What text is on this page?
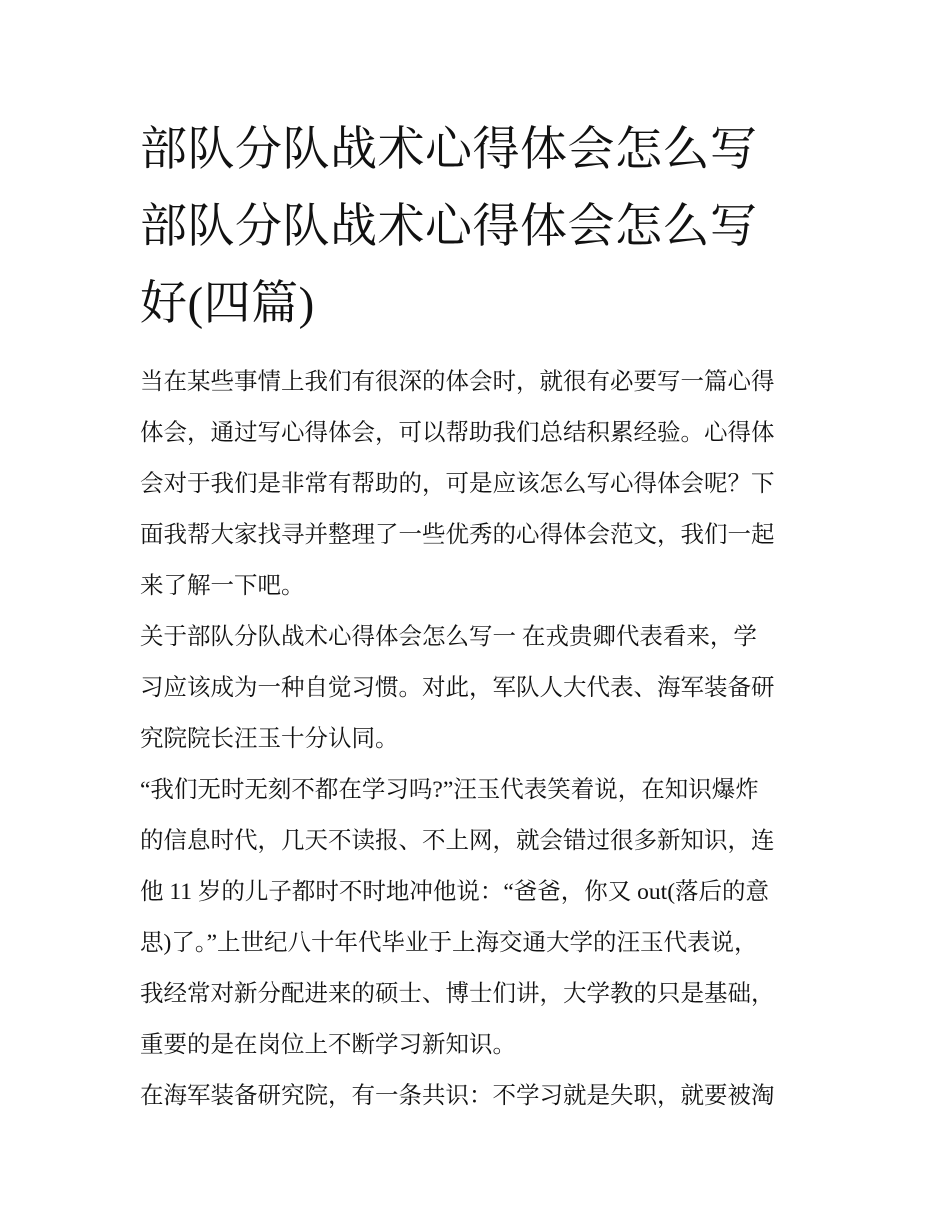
部队分队战术心得体会怎么写
部队分队战术心得体会怎么写
好(四篇)

当在某些事情上我们有很深的体会时，就很有必要写一篇心得
体会，通过写心得体会，可以帮助我们总结积累经验。心得体
会对于我们是非常有帮助的，可是应该怎么写心得体会呢？下
面我帮大家找寻并整理了一些优秀的心得体会范文，我们一起
来了解一下吧。

关于部队分队战术心得体会怎么写一 在戎贵卿代表看来，学
习应该成为一种自觉习惯。对此，军队人大代表、海军装备研
究院院长汪玉十分认同。

“我们无时无刻不都在学习吗?”汪玉代表笑着说，在知识爆炸
的信息时代，几天不读报、不上网，就会错过很多新知识，连
他 11 岁的儿子都时不时地冲他说：“爸爸，你又 out(落后的意
思)了。”上世纪八十年代毕业于上海交通大学的汪玉代表说，
我经常对新分配进来的硕士、博士们讲，大学教的只是基础，
重要的是在岗位上不断学习新知识。

在海军装备研究院，有一条共识：不学习就是失职，就要被淘
